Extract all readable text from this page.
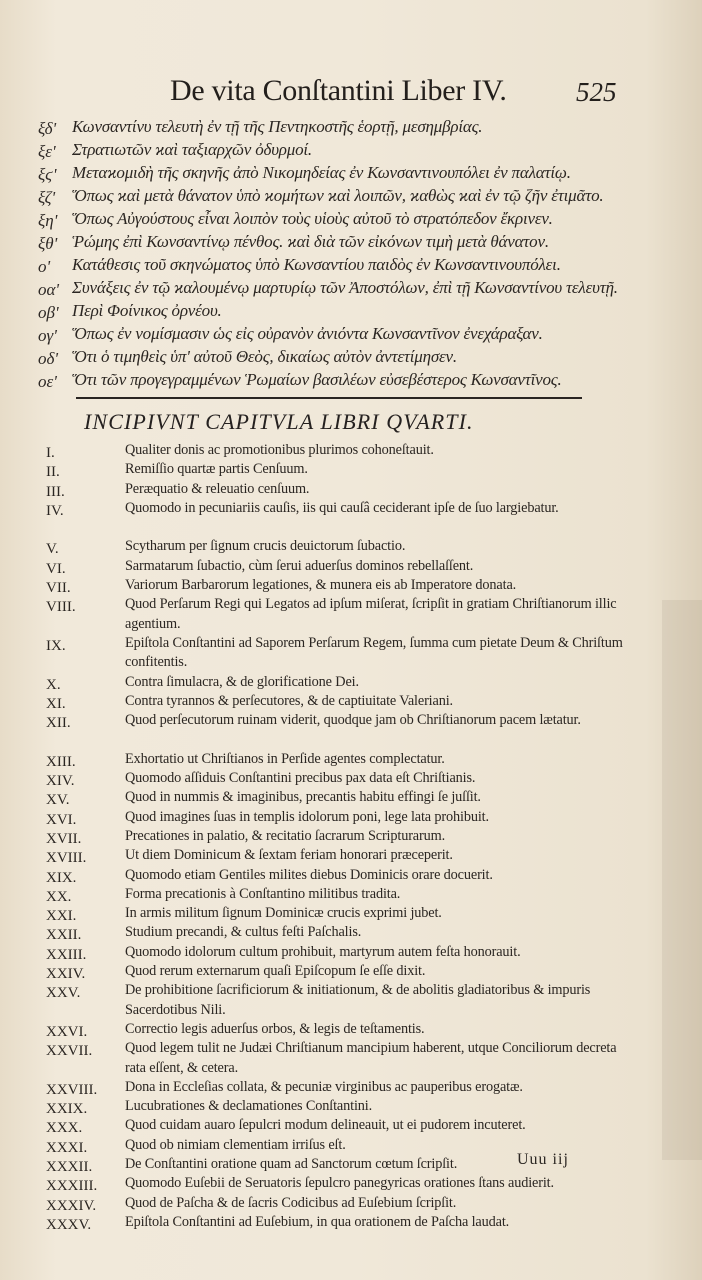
De vita Conſtantini Liber IV.	525
ξδ' Κωνσαντίνυ τελευτὴ ἐν τῇ τῆς Πεντηκοστῆς ἑορτῇ, μεσημβρίας.
ξε' Στρατιωτῶν ϰαὶ ταξιαρχῶν ὀδυρμοί.
ξϛ' Μεταϰομιδὴ τῆς σκηνῆς ἀπὸ Νικομηδείας ἐν Κωνσαντινουπόλει ἐν παλατίῳ.
ξζ' Ὅπως ϰαὶ μετὰ θάνατον ὑπὸ ϰομήτων ϰαὶ λοιπῶν, ϰαθὼς ϰαὶ ἐν τῷ ζῆν ἐτιμᾶτο.
ξη' Ὅπως Αὐγούστους εἶναι λοιπὸν τοὺς υἱοὺς αὐτοῦ τὸ στρατόπεδον ἔκρινεν.
ξθ' Ῥώμης ἐπὶ Κωνσαντίνῳ πένθος. ϰαὶ διὰ τῶν εἰκόνων τιμὴ μετὰ θάνατον.
ο'	Κατάθεσις τοῦ σκηνώματος ὑπὸ Κωνσαντίου παιδὸς ἐν Κωνσαντινουπόλει.
οα' Συνάξεις ἐν τῷ ϰαλουμένῳ μαρτυρίῳ τῶν Ἀποστόλων, ἐπὶ τῇ Κωνσαντίνου τελευτῇ.
οβ' Περὶ Φοίνικος ὀρνέου.
ογ' Ὅπως ἐν νομίσμασιν ὡς εἰς οὐρανὸν ἀνιόντα Κωνσαντῖνον ἐνεχάραξαν.
οδ' Ὅτι ὁ τιμηθεὶς ὑπ' αὐτοῦ Θεὸς, δικαίως αὐτὸν ἀντετίμησεν.
οε' Ὅτι τῶν προγεγραμμένων Ῥωμαίων βασιλέων εὐσεβέστερος Κωνσαντῖνος.
INCIPIVNT CAPITVLA LIBRI QVARTI.
I.	Qualiter donis ac promotionibus plurimos cohoneſtauit.
II.	Remiſſio quartæ partis Cenſuum.
III.	Peræquatio & releuatio cenſuum.
IV.	Quomodo in pecuniariis cauſis, iis qui cauſâ ceciderant ipſe de ſuo largiebatur.
V.	Scytharum per ſignum crucis deuictorum ſubactio.
VI.	Sarmatarum ſubactio, cùm ſerui aduerſus dominos rebellaſſent.
VII.	Variorum Barbarorum legationes, & munera eis ab Imperatore donata.
VIII.	Quod Perſarum Regi qui Legatos ad ipſum miſerat, ſcripſit in gratiam Chriſtianorum illic agentium.
IX.	Epiſtola Conſtantini ad Saporem Perſarum Regem, ſumma cum pietate Deum & Chriſtum confitentis.
X.	Contra ſimulacra, & de glorificatione Dei.
XI.	Contra tyrannos & perſecutores, & de captiuitate Valeriani.
XII.	Quod perſecutorum ruinam viderit, quodque jam ob Chriſtianorum pacem lætatur.
XIII.	Exhortatio ut Chriſtianos in Perſide agentes complectatur.
XIV.	Quomodo aſſiduis Conſtantini precibus pax data eſt Chriſtianis.
XV.	Quod in nummis & imaginibus, precantis habitu effingi ſe juſſit.
XVI.	Quod imagines ſuas in templis idolorum poni, lege lata prohibuit.
XVII.	Precationes in palatio, & recitatio ſacrarum Scripturarum.
XVIII.	Ut diem Dominicum & ſextam feriam honorari præceperit.
XIX.	Quomodo etiam Gentiles milites diebus Dominicis orare docuerit.
XX.	Forma precationis à Conſtantino militibus tradita.
XXI.	In armis militum ſignum Dominicæ crucis exprimi jubet.
XXII.	Studium precandi, & cultus feſti Paſchalis.
XXIII.	Quomodo idolorum cultum prohibuit, martyrum autem feſta honorauit.
XXIV.	Quod rerum externarum quaſi Epiſcopum ſe eſſe dixit.
XXV.	De prohibitione ſacrificiorum & initiationum, & de abolitis gladiatoribus & impuris Sacerdotibus Nili.
XXVI.	Correctio legis aduerſus orbos, & legis de teſtamentis.
XXVII.	Quod legem tulit ne Judæi Chriſtianum mancipium haberent, utque Conciliorum decreta rata eſſent, & cetera.
XXVIII.	Dona in Eccleſias collata, & pecuniæ virginibus ac pauperibus erogatæ.
XXIX.	Lucubrationes & declamationes Conſtantini.
XXX.	Quod cuidam auaro ſepulcri modum delineauit, ut ei pudorem incuteret.
XXXI.	Quod ob nimiam clementiam irriſus eſt.
XXXII.	De Conſtantini oratione quam ad Sanctorum cœtum ſcripſit.
XXXIII.	Quomodo Euſebii de Seruatoris ſepulcro panegyricas orationes ſtans audierit.
XXXIV.	Quod de Paſcha & de ſacris Codicibus ad Euſebium ſcripſit.
XXXV.	Epiſtola Conſtantini ad Euſebium, in qua orationem de Paſcha laudat.
Uuu iij
